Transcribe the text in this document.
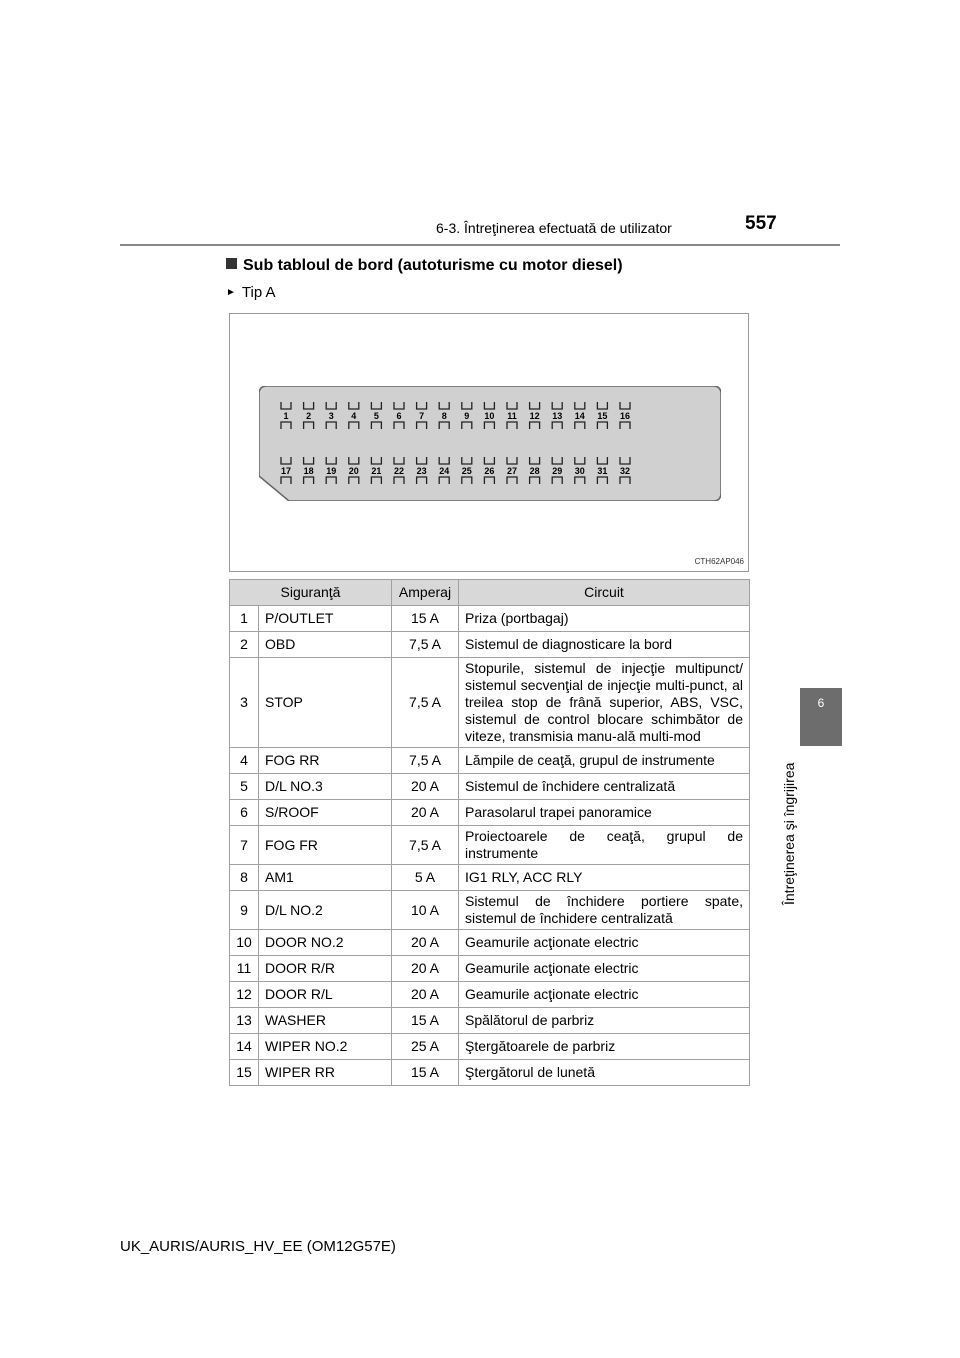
6-3. Întreţinerea efectuată de utilizator	557
6
Întreţinerea şi îngrijirea
Sub tabloul de bord (autoturisme cu motor diesel)
► Tip A
1 2 3 4 5 6 7 8 9 10 11 12 13 14 15 16
17 18 19 20 21 22 23 24 25 26 27 28 29 30 31 32
CTH62AP046
Siguranţă		Amperaj	Circuit
1	P/OUTLET	15 A	Priza (portbagaj)
2	OBD	7,5 A	Sistemul de diagnosticare la bord
3	STOP	7,5 A	Stopurile, sistemul de injecţie multipunct/ sistemul secvenţial de injecţie multi-punct, al treilea stop de frână superior, ABS, VSC, sistemul de control blocare schimbător de viteze, transmisia manu-ală multi-mod
4	FOG RR	7,5 A	Lămpile de ceaţă, grupul de instrumente
5	D/L NO.3	20 A	Sistemul de închidere centralizată
6	S/ROOF	20 A	Parasolarul trapei panoramice
7	FOG FR	7,5 A	Proiectoarele de ceaţă, grupul de instrumente
8	AM1	5 A	IG1 RLY, ACC RLY
9	D/L NO.2	10 A	Sistemul de închidere portiere spate, sistemul de închidere centralizată
10	DOOR NO.2	20 A	Geamurile acţionate electric
11	DOOR R/R	20 A	Geamurile acţionate electric
12	DOOR R/L	20 A	Geamurile acţionate electric
13	WASHER	15 A	Spălătorul de parbriz
14	WIPER NO.2	25 A	Ştergătoarele de parbriz
15	WIPER RR	15 A	Ştergătorul de lunetă
UK_AURIS/AURIS_HV_EE (OM12G57E)
